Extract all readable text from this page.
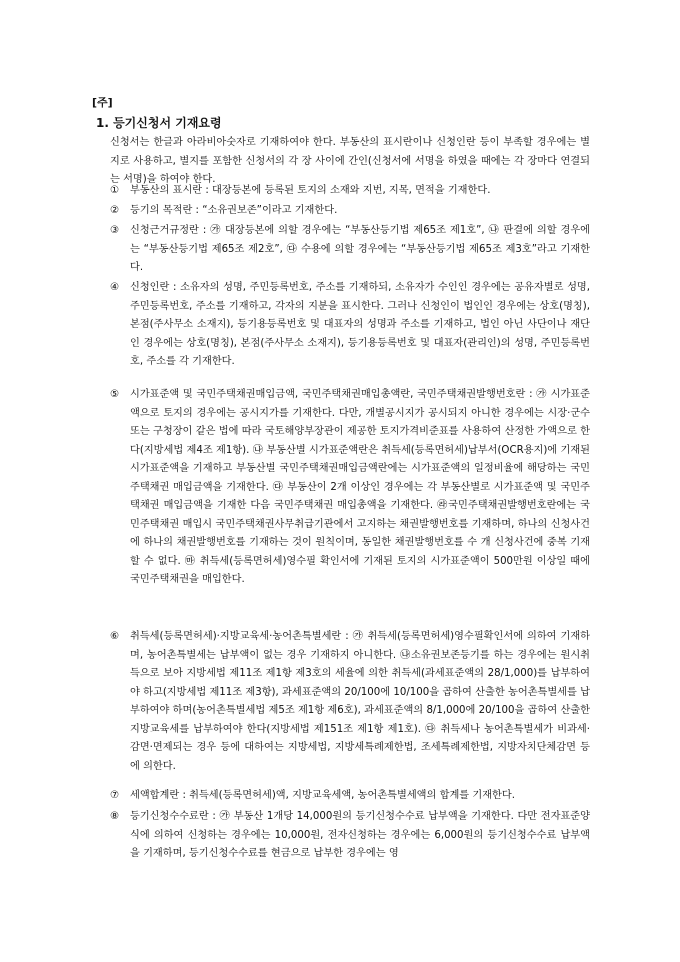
[주]
1. 등기신청서 기재요령
신청서는 한글과 아라비아숫자로 기재하여야 한다. 부동산의 표시란이나 신청인란 등이 부족할 경우에는 별지로 사용하고, 별지를 포함한 신청서의 각 장 사이에 간인(신청서에 서명을 하였을 때에는 각 장마다 연결되는 서명)을 하여야 한다.
①	부동산의 표시란 : 대장등본에 등록된 토지의 소재와 지번, 지목, 면적을 기재한다.
②	등기의 목적란 : “소유권보존”이라고 기재한다.
③	신청근거규정란 : ㉮ 대장등본에 의할 경우에는 “부동산등기법 제65조 제1호”, ㉯ 판결에 의할 경우에는 “부동산등기법 제65조 제2호”, ㉰ 수용에 의할 경우에는 “부동산등기법 제65조 제3호”라고 기재한다.
④	신청인란 : 소유자의 성명, 주민등록번호, 주소를 기재하되, 소유자가 수인인 경우에는 공유자별로 성명, 주민등록번호, 주소를 기재하고, 각자의 지분을 표시한다. 그러나 신청인이 법인인 경우에는 상호(명칭), 본점(주사무소 소재지), 등기용등록번호 및 대표자의 성명과 주소를 기재하고, 법인 아닌 사단이나 재단인 경우에는 상호(명칭), 본점(주사무소 소재지), 등기용등록번호 및 대표자(관리인)의 성명, 주민등록번호, 주소를 각 기재한다.
⑤	시가표준액 및 국민주택채권매입금액, 국민주택채권매입총액란, 국민주택채권발행번호란 : ㉮ 시가표준액으로 토지의 경우에는 공시지가를 기재한다. 다만, 개별공시지가 공시되지 아니한 경우에는 시장·군수 또는 구청장이 같은 법에 따라 국토해양부장관이 제공한 토지가격비준표를 사용하여 산정한 가액으로 한다(지방세법 제4조 제1항). ㉯ 부동산별 시가표준액란은 취득세(등록면허세)납부서(OCR용지)에 기재된 시가표준액을 기재하고 부동산별 국민주택채권매입금액란에는 시가표준액의 일정비율에 해당하는 국민주택채권 매입금액을 기재한다. ㉰ 부동산이 2개 이상인 경우에는 각 부동산별로 시가표준액 및 국민주택채권 매입금액을 기재한 다음 국민주택채권 매입총액을 기재한다. ㉱국민주택채권발행번호란에는 국민주택채권 매입시 국민주택채권사무취급기관에서 고지하는 채권발행번호를 기재하며, 하나의 신청사건에 하나의 채권발행번호를 기재하는 것이 원칙이며, 동일한 채권발행번호를 수 개 신청사건에 중복 기재할 수 없다. ㉲ 취득세(등록면허세)영수필 확인서에 기재된 토지의 시가표준액이 500만원 이상일 때에 국민주택채권을 매입한다.
⑥	취득세(등록면허세)·지방교육세·농어촌특별세란 : ㉮ 취득세(등록면허세)영수필확인서에 의하여 기재하며, 농어촌특별세는 납부액이 없는 경우 기재하지 아니한다. ㉯소유권보존등기를 하는 경우에는 원시취득으로 보아 지방세법 제11조 제1항 제3호의 세율에 의한 취득세(과세표준액의 28/1,000)를 납부하여야 하고(지방세법 제11조 제3항), 과세표준액의 20/100에 10/100을 곱하여 산출한 농어촌특별세를 납부하여야 하며(농어촌특별세법 제5조 제1항 제6호), 과세표준액의 8/1,000에 20/100을 곱하여 산출한 지방교육세를 납부하여야 한다(지방세법 제151조 제1항 제1호). ㉰ 취득세나 농어촌특별세가 비과세·감면·면제되는 경우 등에 대하여는 지방세법, 지방세특례제한법, 조세특례제한법, 지방자치단체감면 등에 의한다.
⑦	세액합계란 : 취득세(등록면허세)액, 지방교육세액, 농어촌특별세액의 합계를 기재한다.
⑧	등기신청수수료란 : ㉮ 부동산 1개당 14,000원의 등기신청수수료 납부액을 기재한다. 다만 전자표준양식에 의하여 신청하는 경우에는 10,000원, 전자신청하는 경우에는 6,000원의 등기신청수수료 납부액을 기재하며, 등기신청수수료를 현금으로 납부한 경우에는 영
